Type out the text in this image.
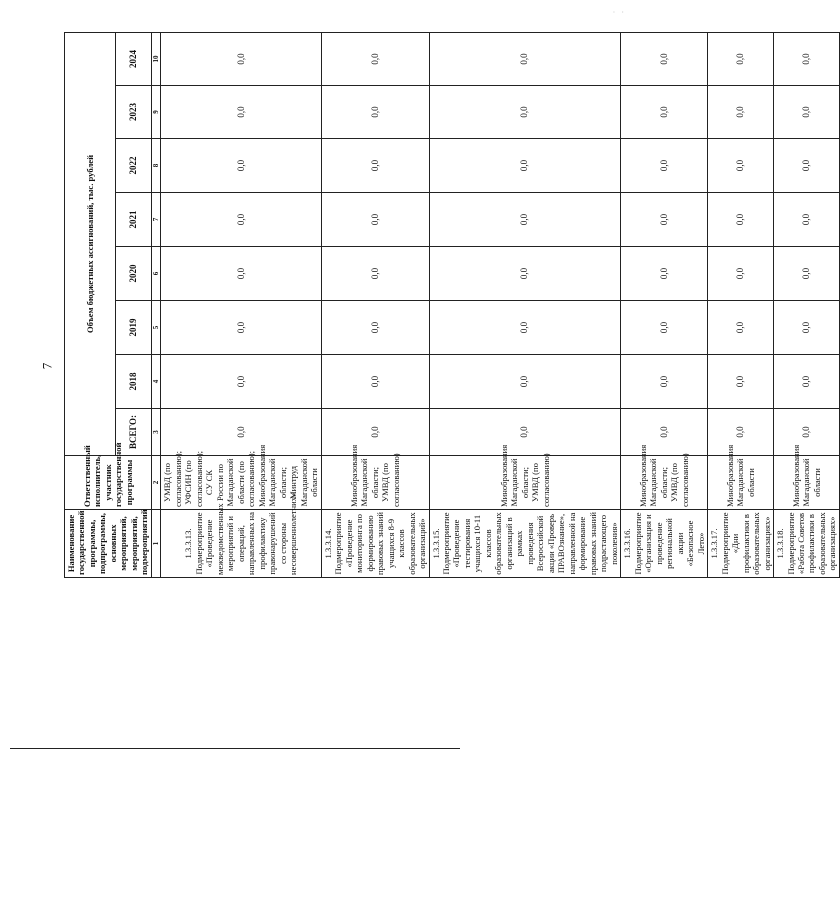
· ·
7
Наименование государственной программы, подпрограммы, основных мероприятий, мероприятий, подмероприятий	Ответственный исполнитель, участник государственной программы	Объем бюджетных ассигнований, тыс. рублей							
		ВСЕГО:	2018	2019	2020	2021	2022	2023	2024
1	2	3	4	5	6	7	8	9	10
1.3.3.13. Подмероприятие «Проведение межведомственных мероприятий и операций, направленных на профилактику правонарушений со стороны несовершеннолетних»	УМВД (по согласованию); УФСИН (по согласованию); СУ СК России по Магаданской области (по согласованию); Минобразования Магаданской области; Минтруд Магаданской области	0,0	0,0	0,0	0,0	0,0	0,0	0,0	0,0
1.3.3.14. Подмероприятие «Проведение мониторинга по формированию правовых знаний учащихся 8-9 классов образовательных организаций»	Минобразования Магаданской области; УМВД (по согласованию)	0,0	0,0	0,0	0,0	0,0	0,0	0,0	0,0
1.3.3.15. Подмероприятие «Проведение тестирования учащихся 10-11 классов образовательных организаций в рамках проведения Всероссийской акции «Проверь ПРАВОзнание», направленной на формирование правовых знаний подрастающего поколения»	Минобразования Магаданской области; УМВД (по согласованию)	0,0	0,0	0,0	0,0	0,0	0,0	0,0	0,0
1.3.3.16. Подмероприятие «Организация и проведение региональной акции «Безопасное Лето»	Минобразования Магаданской области; УМВД (по согласованию)	0,0	0,0	0,0	0,0	0,0	0,0	0,0	0,0
1.3.3.17. Подмероприятие «Дни профилактики в образовательных организациях»	Минобразования Магаданской области	0,0	0,0	0,0	0,0	0,0	0,0	0,0	0,0
1.3.3.18. Подмероприятие «Работа Советов профилактики в образовательных организациях»	Минобразования Магаданской области	0,0	0,0	0,0	0,0	0,0	0,0	0,0	0,0
